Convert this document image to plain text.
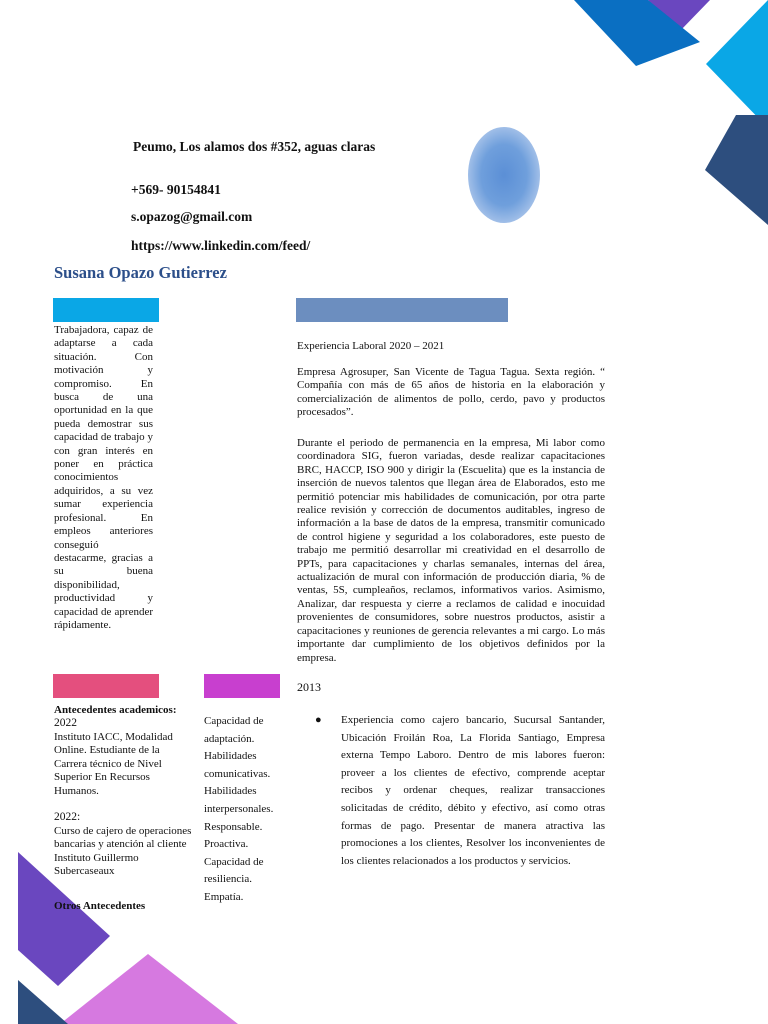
Peumo, Los alamos dos #352, aguas claras
+569- 90154841
s.opazog@gmail.com
https://www.linkedin.com/feed/
Susana Opazo Gutierrez
Trabajadora, capaz de adaptarse a cada situación. Con motivación y compromiso. En busca de una oportunidad en la que pueda demostrar sus capacidad de trabajo y con gran interés en poner en práctica conocimientos adquiridos, a su vez sumar experiencia profesional. En empleos anteriores conseguió destacarme, gracias a su buena disponibilidad, productividad y capacidad de aprender rápidamente.
Experiencia Laboral 2020 – 2021
Empresa Agrosuper, San Vicente de Tagua Tagua. Sexta región. “ Compañía con más de 65 años de historia en la elaboración y comercialización de alimentos de pollo, cerdo, pavo y productos procesados”.
Durante el periodo de permanencia en la empresa, Mi labor como coordinadora SIG, fueron variadas, desde realizar capacitaciones BRC, HACCP, ISO 900 y dirigir la (Escuelita) que es la instancia de inserción de nuevos talentos que llegan área de Elaborados, esto me permitió potenciar mis habilidades de comunicación, por otra parte realice revisión y corrección de documentos auditables, ingreso de información a la base de datos de la empresa, transmitir comunicado de control higiene y seguridad a los colaboradores, este puesto de trabajo me permitió desarrollar mi creatividad en el desarrollo de PPTs, para capacitaciones y charlas semanales, internas del área, actualización de mural con información de producción diaria, % de ventas, 5S, cumpleaños, reclamos, informativos varios. Asimismo, Analizar, dar respuesta y cierre a reclamos de calidad e inocuidad provenientes de consumidores, sobre nuestros productos, asistir a capacitaciones y reuniones de gerencia relevantes a mi cargo. Lo más importante dar cumplimiento de los objetivos definidos por la empresa.
2013
● Experiencia como cajero bancario, Sucursal Santander, Ubicación Froilán Roa, La Florida Santiago, Empresa externa Tempo Laboro. Dentro de mis labores fueron: proveer a los clientes de efectivo, comprende aceptar recibos y ordenar cheques, realizar transacciones solicitadas de crédito, débito y efectivo, así como otras formas de pago. Presentar de manera atractiva las promociones a los clientes, Resolver los inconvenientes de los clientes relacionados a los productos y servicios.
Antecedentes academicos:
2022
Instituto IACC, Modalidad Online. Estudiante de la Carrera técnico de Nivel Superior En Recursos Humanos.
2022:
Curso de cajero de operaciones bancarias y atención al cliente Instituto Guillermo Subercaseaux
Otros Antecedentes
Capacidad de adaptación.
Habilidades comunicativas.
Habilidades interpersonales.
Responsable.
Proactiva.
Capacidad de resiliencia.
Empatía.
